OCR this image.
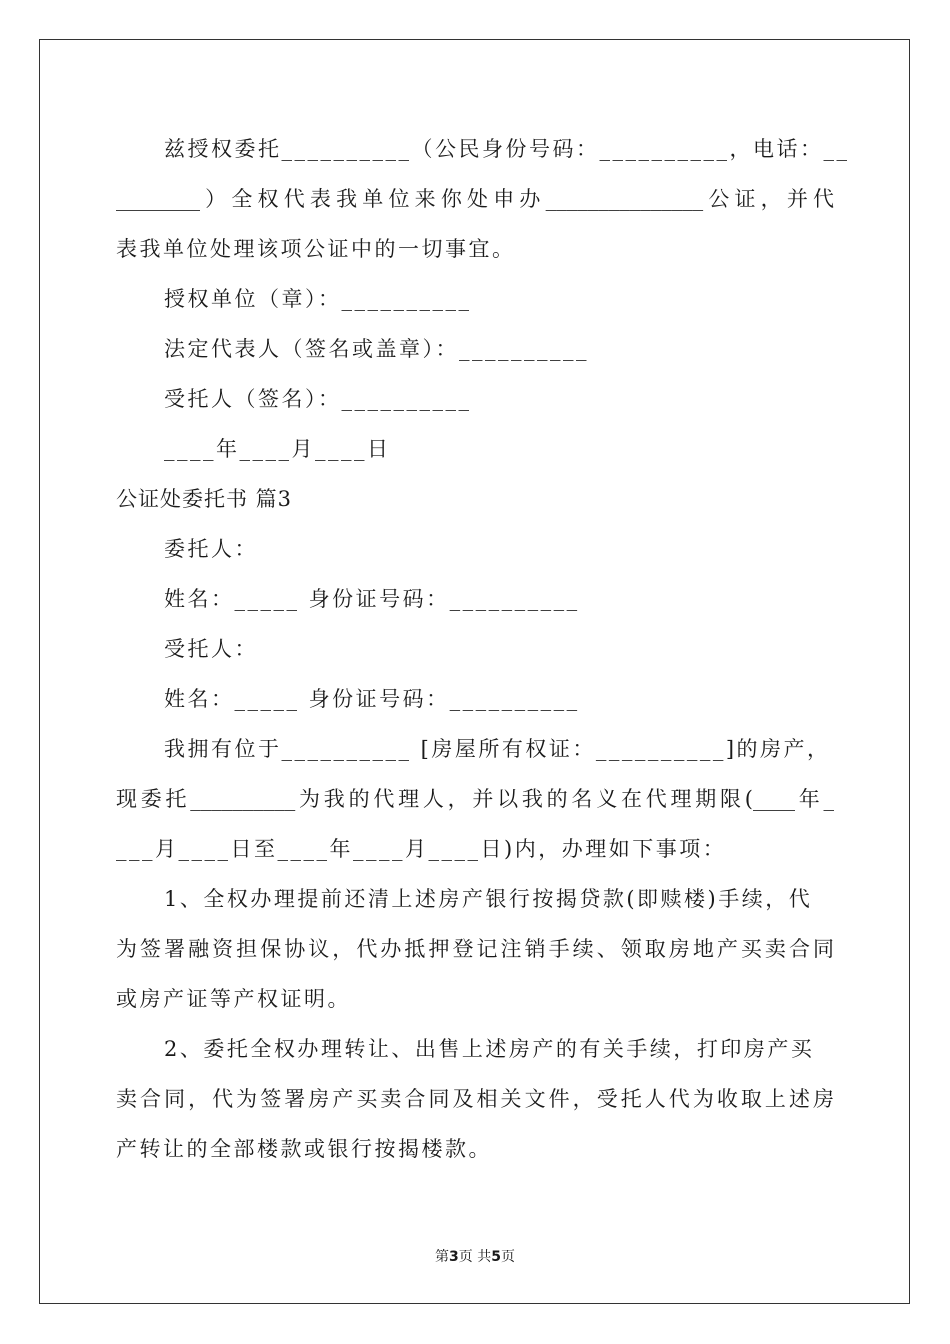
兹授权委托__________（公民身份号码：__________，电话：__
________）全权代表我单位来你处申办_______________公证，并代
表我单位处理该项公证中的一切事宜。
授权单位（章）：__________
法定代表人（签名或盖章）：__________
受托人（签名）：__________
____年____月____日
公证处委托书 篇3
委托人：
姓名：_____ 身份证号码：__________
受托人：
姓名：_____ 身份证号码：__________
我拥有位于__________ [房屋所有权证：__________]的房产，
现委托__________为我的代理人，并以我的名义在代理期限(____年_
___月____日至____年____月____日)内，办理如下事项：
1、全权办理提前还清上述房产银行按揭贷款(即赎楼)手续，代
为签署融资担保协议，代办抵押登记注销手续、领取房地产买卖合同
或房产证等产权证明。
2、委托全权办理转让、出售上述房产的有关手续，打印房产买
卖合同，代为签署房产买卖合同及相关文件，受托人代为收取上述房
产转让的全部楼款或银行按揭楼款。
第3页 共5页
